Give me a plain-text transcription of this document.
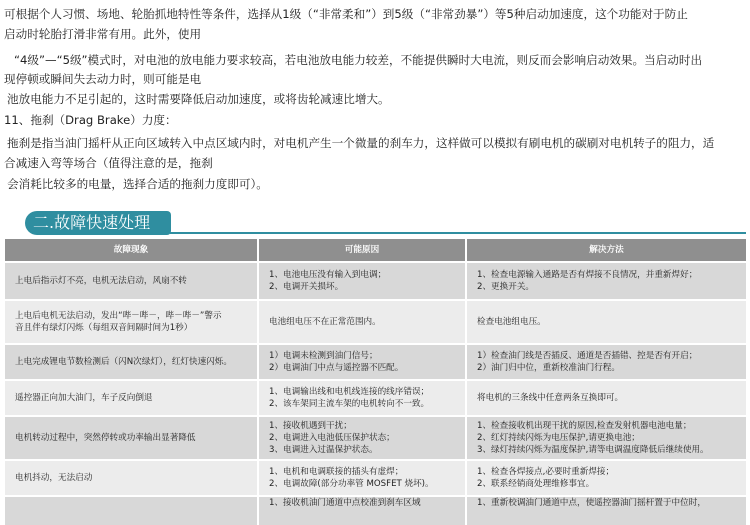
可根据个人习惯、场地、轮胎抓地特性等条件，选择从1级（“非常柔和”）到5级（“非常劲暴”）等5种启动加速度，这个功能对于防止
启动时轮胎打滑非常有用。此外，使用
“4级”—“5级”模式时，对电池的放电能力要求较高，若电池放电能力较差，不能提供瞬时大电流，则反而会影响启动效果。当启动时出
现停顿或瞬间失去动力时，则可能是电
池放电能力不足引起的，这时需要降低启动加速度，或将齿轮减速比增大。
11、拖刹（Drag Brake）力度：
拖刹是指当油门摇杆从正向区域转入中点区域内时，对电机产生一个微量的刹车力，这样做可以模拟有刷电机的碳刷对电机转子的阻力，适
合减速入弯等场合（值得注意的是，拖刹
会消耗比较多的电量，选择合适的拖刹力度即可）。
二.故障快速处理
故障现象	可能原因	解决方法

上电后指示灯不亮，电机无法启动，风扇不转	1、电池电压没有输入到电调；
2、电调开关损坏。	1、检查电源输入通路是否有焊接不良情况，并重新焊好；
2、更换开关。

上电后电机无法启动，发出“哔－哔－，哔－哔－”警示
音且伴有绿灯闪烁（每组双音间隔时间为1秒）	电池组电压不在正常范围内。	检查电池组电压。

上电完成锂电节数检测后（闪N次绿灯），红灯快速闪烁。	1）电调未检测到油门信号；
2）电调油门中点与遥控器不匹配。	1）检查油门线是否插反、通道是否插错、控是否有开启；
2）油门归中位，重新校准油门行程。

遥控器正向加大油门，车子反向倒退	1、电调输出线和电机线连接的线序错误；
2、该车架同主流车架的电机转向不一致。	将电机的三条线中任意两条互换即可。

电机转动过程中，突然停转或功率输出显著降低	1、接收机遇到干扰；
2、电调进入电池低压保护状态；
3、电调进入过温保护状态。	1、检查接收机出现干扰的原因,检查发射机器电池电量；
2、红灯持续闪烁为电压保护,请更换电池；
3、绿灯持续闪烁为温度保护,请等电调温度降低后继续使用。

电机抖动，无法启动	1、电机和电调联接的插头有虚焊；
2、电调故障(部分功率管 MOSFET 烧坏)。	1、检查各焊接点,必要时重新焊接；
2、联系经销商处理维修事宜。

	1、接收机油门通道中点校准到刹车区域	1、重新校调油门通道中点，使遥控器油门摇杆置于中位时，
